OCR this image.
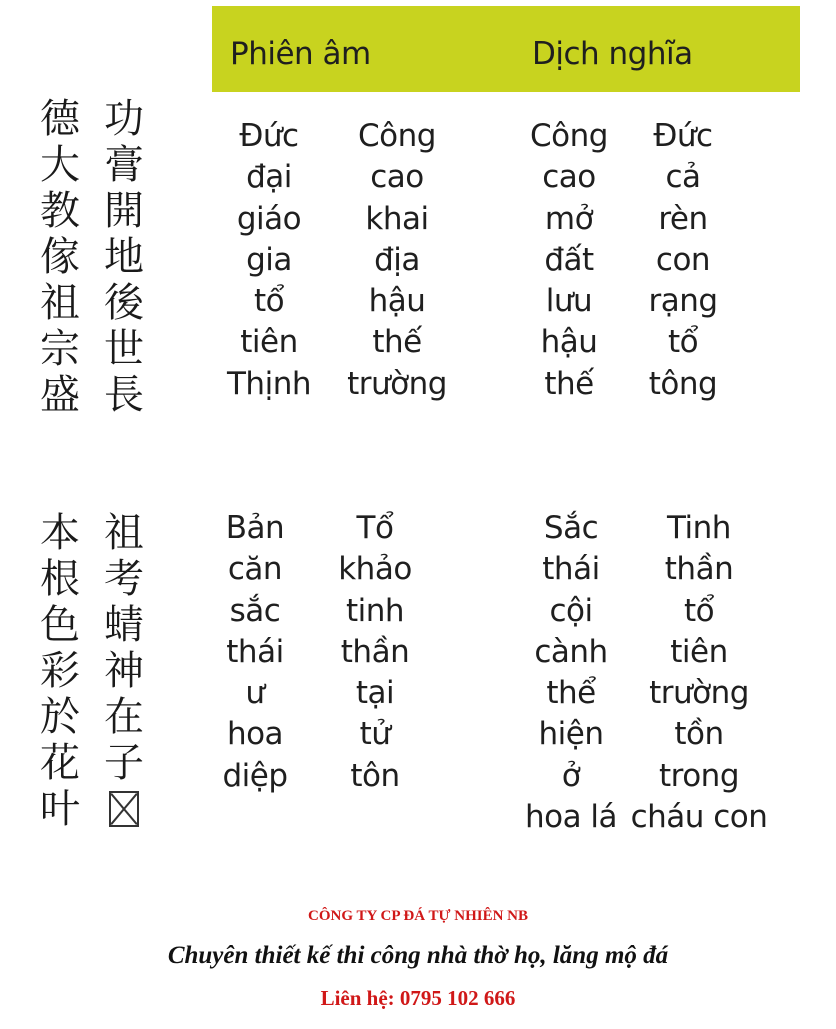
Phiên âm	Dịch nghĩa
德
大
教
傢
祖
宗
盛
功
膏
開
地
後
世
長
Đức
đại
giáo
gia
tổ
tiên
Thịnh
Công
cao
khai
địa
hậu
thế
trường
Công
cao
mở
đất
lưu
hậu
thế
Đức
cả
rèn
con
rạng
tổ
tông
本
根
色
彩
於
花
叶
祖
考
蜻
神
在
子
Bản
căn
sắc
thái
ư
hoa
diệp
Tổ
khảo
tinh
thần
tại
tử
tôn
Sắc
thái
cội
cành
thể
hiện
ở
hoa lá
Tinh
thần
tổ
tiên
trường
tồn
trong
cháu con
CÔNG TY CP ĐÁ TỰ NHIÊN NB
Chuyên thiết kế thi công nhà thờ họ, lăng mộ đá
Liên hệ: 0795 102 666
